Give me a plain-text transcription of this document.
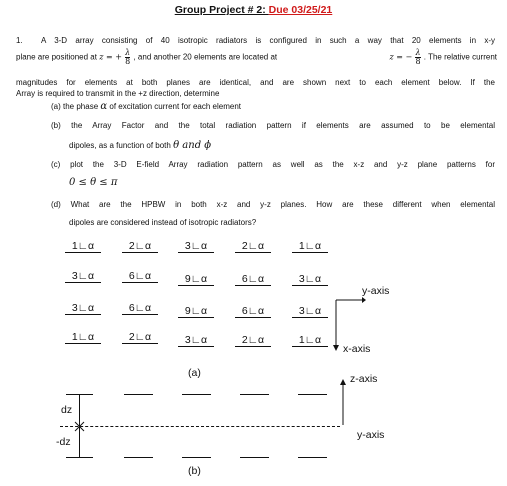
Group Project # 2: Due 03/25/21
1. A 3-D array consisting of 40 isotropic radiators is configured in such a way that 20 elements in x-y
plane are positioned at z = + $\frac{\lambda}{8}$ , and another 20 elements are located at	z = − $\frac{\lambda}{8}$ . The relative current
magnitudes for elements at both planes are identical, and are shown next to each element below. If the
Array is required to transmit in the +z direction, determine
(a) the phase α of excitation current for each element
(b) the Array Factor and the total radiation pattern if elements are assumed to be elemental
dipoles, as a function of both θ and ϕ
(c) plot the 3-D E-field Array radiation pattern as well as the x-z and y-z plane patterns for
0 ≤ θ ≤ π
(d) What are the HPBW in both x-z and y-z planes. How are these different when elemental
dipoles are considered instead of isotropic radiators?
1∟α	2∟α	3∟α	2∟α	1∟α
3∟α	6∟α	9∟α	6∟α	3∟α
3∟α	6∟α	9∟α	6∟α	3∟α
1∟α	2∟α	3∟α	2∟α	1∟α
y-axis
x-axis
(a)
dz
-dz
z-axis
y-axis
(b)
